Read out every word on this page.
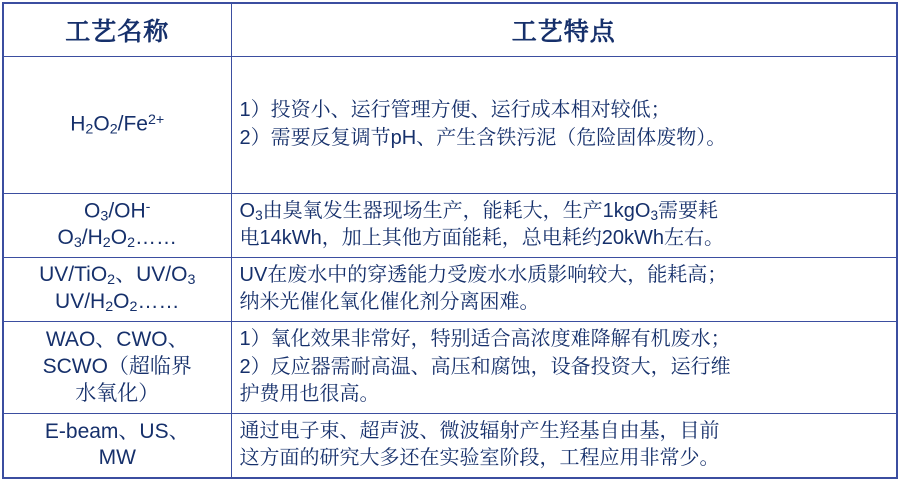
工艺名称	工艺特点

$H_2O_2/Fe^{2+}$	1）投资小、运行管理方便、运行成本相对较低；
2）需要反复调节pH、产生含铁污泥（危险固体废物）。

$O_3/OH^-$
$O_3/H_2O_2\dots\dots$	$O_3$由臭氧发生器现场生产，能耗大，生产1kgO$_3$需要耗
电14kWh，加上其他方面能耗，总电耗约20kWh左右。

UV/TiO$_2$、$UV/O_3$
$UV/H_2O_2\dots\dots$	UV在废水中的穿透能力受废水水质影响较大，能耗高；
纳米光催化氧化催化剂分离困难。

WAO、CWO、
SCWO（超临界
水氧化）	1）氧化效果非常好，特别适合高浓度难降解有机废水；
2）反应器需耐高温、高压和腐蚀，设备投资大，运行维
护费用也很高。

E-beam、US、
MW	通过电子束、超声波、微波辐射产生羟基自由基，目前
这方面的研究大多还在实验室阶段，工程应用非常少。
